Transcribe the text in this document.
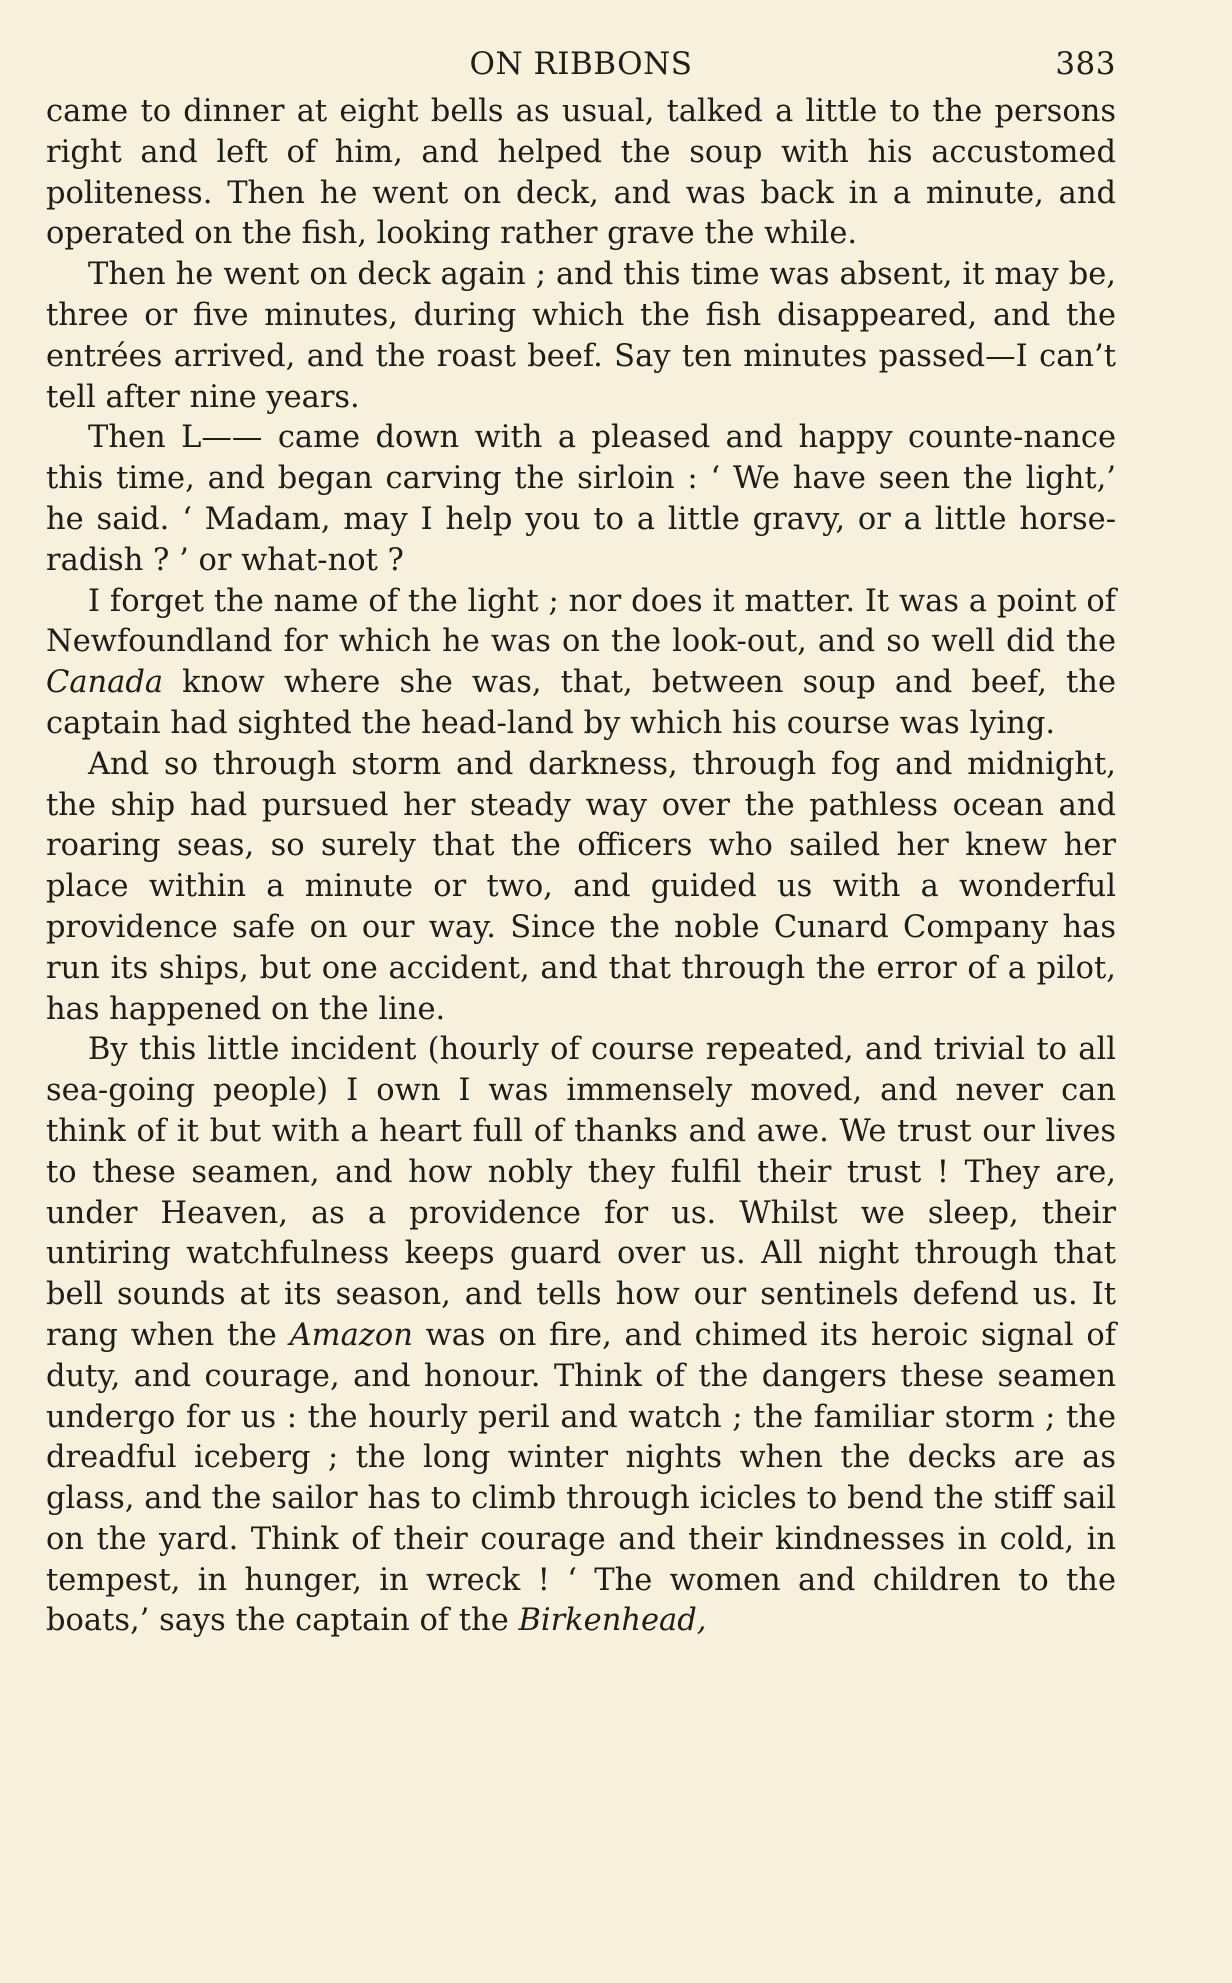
ON RIBBONS	383

came to dinner at eight bells as usual, talked a little to the persons right and left of him, and helped the soup with his accustomed politeness. Then he went on deck, and was back in a minute, and operated on the fish, looking rather grave the while.

Then he went on deck again ; and this time was absent, it may be, three or five minutes, during which the fish disappeared, and the entrées arrived, and the roast beef. Say ten minutes passed—I can’t tell after nine years.

Then L—— came down with a pleased and happy counte-nance this time, and began carving the sirloin : ‘ We have seen the light,’ he said. ‘ Madam, may I help you to a little gravy, or a little horse-radish ? ’ or what-not ?

I forget the name of the light ; nor does it matter. It was a point of Newfoundland for which he was on the look-out, and so well did the Canada know where she was, that, between soup and beef, the captain had sighted the head-land by which his course was lying.

And so through storm and darkness, through fog and midnight, the ship had pursued her steady way over the pathless ocean and roaring seas, so surely that the officers who sailed her knew her place within a minute or two, and guided us with a wonderful providence safe on our way. Since the noble Cunard Company has run its ships, but one accident, and that through the error of a pilot, has happened on the line.

By this little incident (hourly of course repeated, and trivial to all sea-going people) I own I was immensely moved, and never can think of it but with a heart full of thanks and awe. We trust our lives to these seamen, and how nobly they fulfil their trust ! They are, under Heaven, as a providence for us. Whilst we sleep, their untiring watchfulness keeps guard over us. All night through that bell sounds at its season, and tells how our sentinels defend us. It rang when the Amazon was on fire, and chimed its heroic signal of duty, and courage, and honour. Think of the dangers these seamen undergo for us : the hourly peril and watch ; the familiar storm ; the dreadful iceberg ; the long winter nights when the decks are as glass, and the sailor has to climb through icicles to bend the stiff sail on the yard. Think of their courage and their kindnesses in cold, in tempest, in hunger, in wreck ! ‘ The women and children to the boats,’ says the captain of the Birkenhead,
